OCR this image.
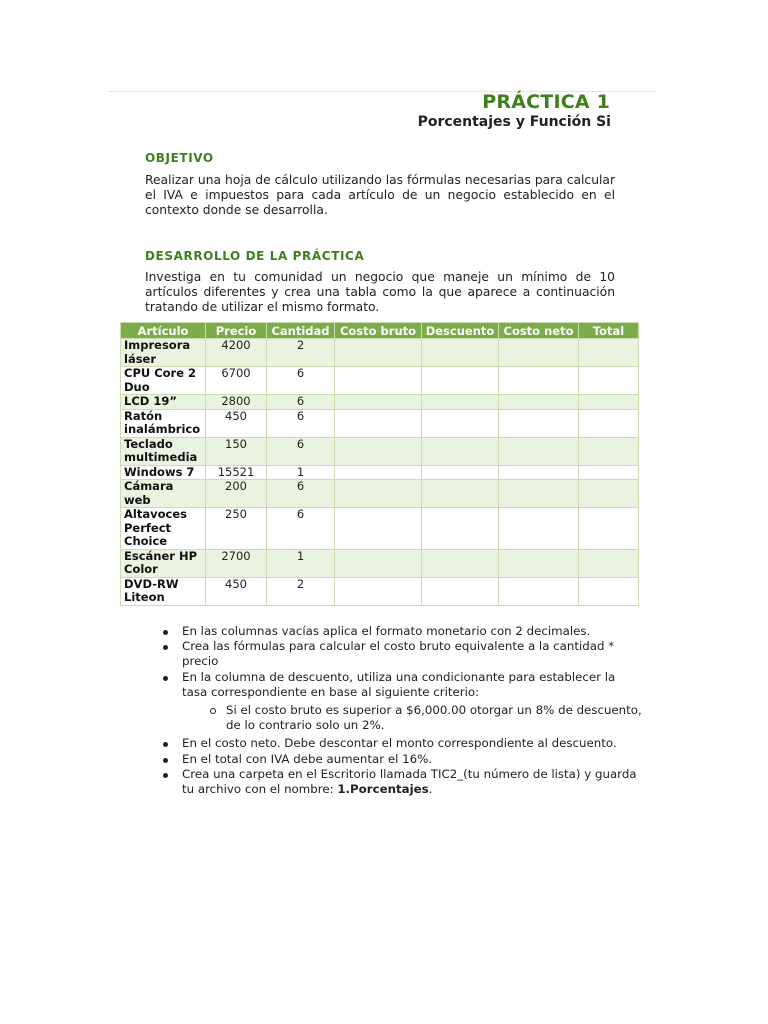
PRÁCTICA 1
Porcentajes y Función Si
OBJETIVO
Realizar una hoja de cálculo utilizando las fórmulas necesarias para calcular el IVA e impuestos para cada artículo de un negocio establecido en el contexto donde se desarrolla.
DESARROLLO DE LA PRÁCTICA
Investiga en tu comunidad un negocio que maneje un mínimo de 10 artículos diferentes y crea una tabla como la que aparece a continuación tratando de utilizar el mismo formato.
Artículo	Precio	Cantidad	Costo bruto	Descuento	Costo neto	Total
Impresora láser	4200	2				
CPU Core 2 Duo	6700	6				
LCD 19”	2800	6				
Ratón inalámbrico	450	6				
Teclado multimedia	150	6				
Windows 7	15521	1				
Cámara web	200	6				
Altavoces Perfect Choice	250	6				
Escáner HP Color	2700	1				
DVD-RW Liteon	450	2				
En las columnas vacías aplica el formato monetario con 2 decimales.
Crea las fórmulas para calcular el costo bruto equivalente a la cantidad * precio
En la columna de descuento, utiliza una condicionante para establecer la tasa correspondiente en base al siguiente criterio:
Si el costo bruto es superior a $6,000.00 otorgar un 8% de descuento, de lo contrario solo un 2%.
En el costo neto. Debe descontar el monto correspondiente al descuento.
En el total con IVA debe aumentar el 16%.
Crea una carpeta en el Escritorio llamada TIC2_(tu número de lista) y guarda tu archivo con el nombre: 1.Porcentajes.
